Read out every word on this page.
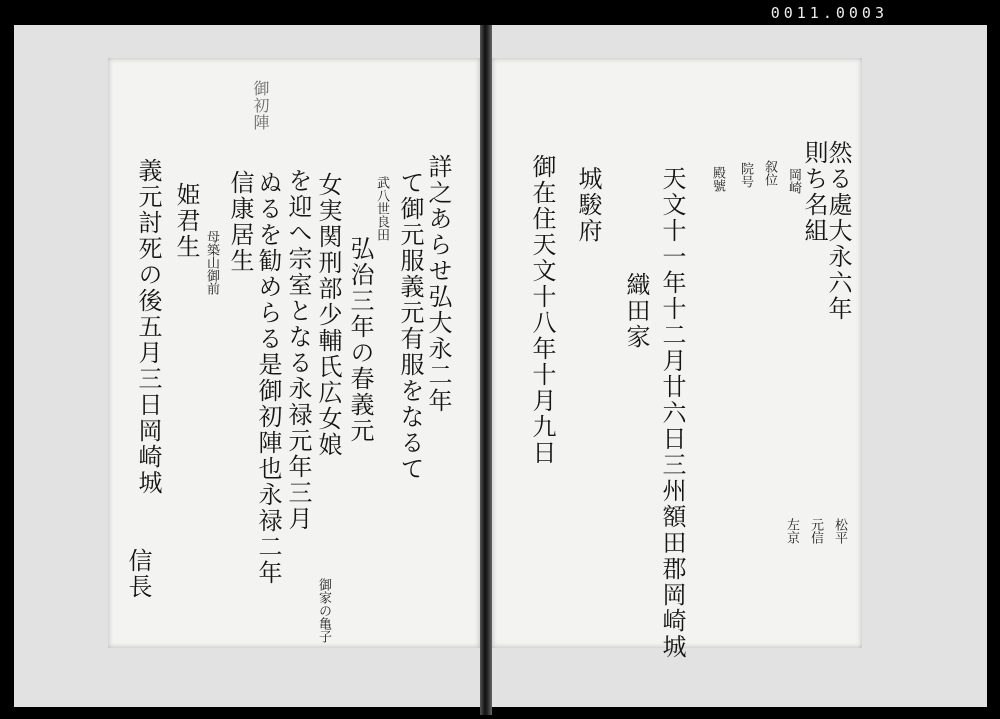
0011.0003
御初陣
詳之あらせ弘大永二年
て御元服義元有服をなるて
武八世良田
弘治三年の春義元
女実関刑部少輔氏広女娘
を迎へ宗室となる永禄元年三月
ぬるを勧めらる是御初陣也永禄二年
信康居生
母築山御前
姫君生
義元討死の後五月三日岡崎城
御家の亀子
信長
然る處大永六年
則ち名組
岡崎
叙位
院号
殿號
天文十一年十二月廿六日三州額田郡岡崎城
織田家
城駿府
御在住天文十八年十月九日
松平
元信
左京
